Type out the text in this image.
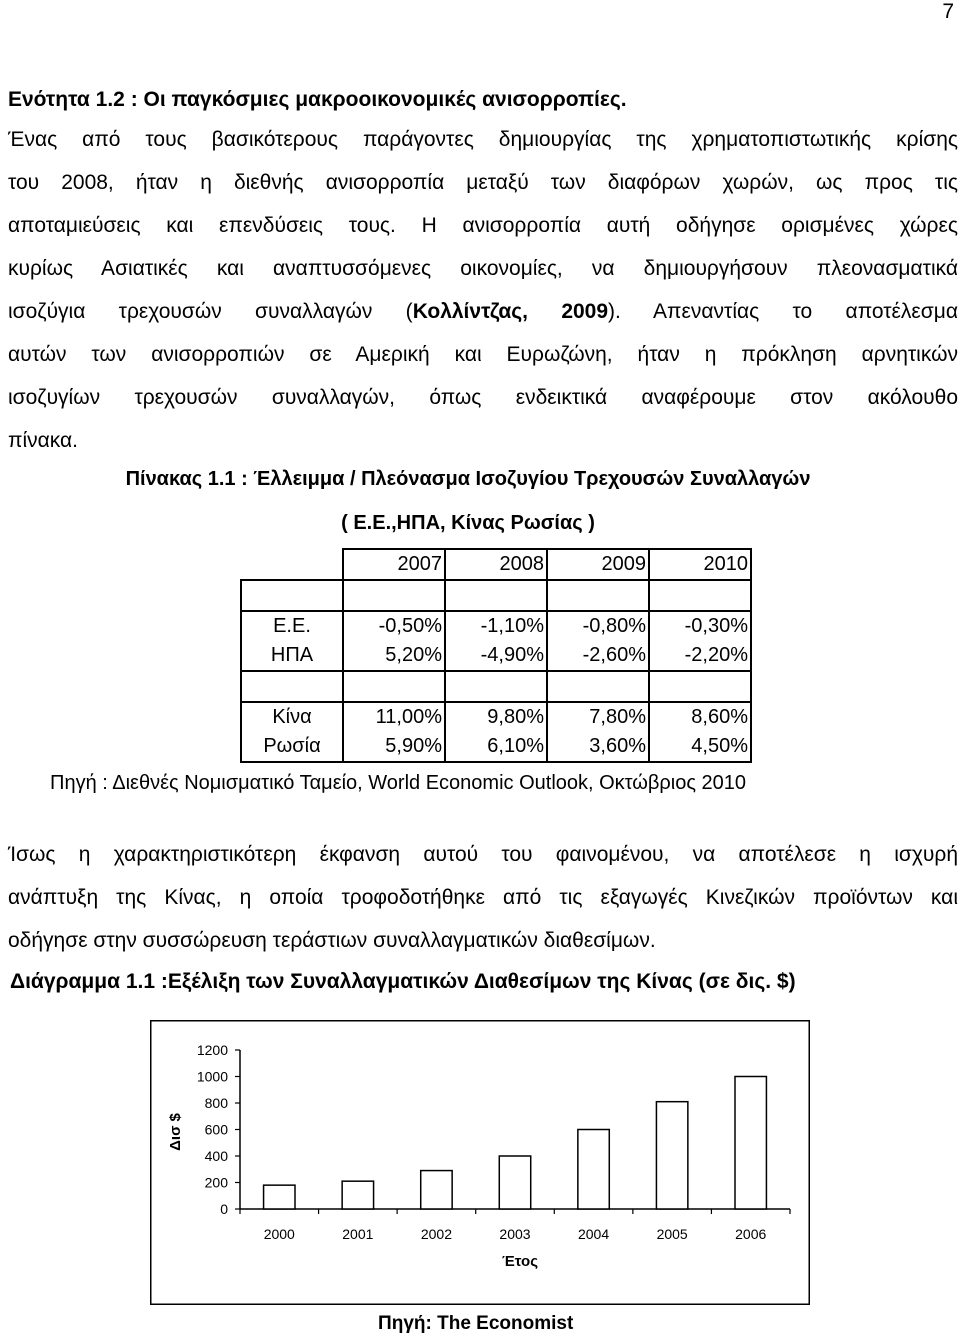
7
Ενότητα 1.2 : Οι παγκόσμιες μακροοικονομικές ανισορροπίες.
Ένας από τους βασικότερους παράγοντες δημιουργίας της χρηματοπιστωτικής κρίσης
του 2008, ήταν η διεθνής ανισορροπία μεταξύ των διαφόρων χωρών, ως προς τις
αποταμιεύσεις και επενδύσεις τους. Η ανισορροπία αυτή οδήγησε ορισμένες χώρες
κυρίως Ασιατικές και αναπτυσσόμενες οικονομίες, να δημιουργήσουν πλεονασματικά
ισοζύγια τρεχουσών συναλλαγών (Κολλίντζας, 2009). Απεναντίας το αποτέλεσμα
αυτών των ανισορροπιών σε Αμερική και Ευρωζώνη, ήταν η πρόκληση αρνητικών
ισοζυγίων τρεχουσών συναλλαγών, όπως ενδεικτικά αναφέρουμε στον ακόλουθο
πίνακα.
Πίνακας 1.1 : Έλλειμμα / Πλεόνασμα Ισοζυγίου Τρεχουσών Συναλλαγών
( Ε.Ε.,ΗΠΑ, Κίνας Ρωσίας )
	2007	2008	2009	2010

Ε.Ε.	-0,50%	-1,10%	-0,80%	-0,30%
ΗΠΑ	5,20%	-4,90%	-2,60%	-2,20%

Κίνα	11,00%	9,80%	7,80%	8,60%
Ρωσία	5,90%	6,10%	3,60%	4,50%
Πηγή : Διεθνές Νομισματικό Ταμείο, World Economic Outlook, Οκτώβριος 2010
Ίσως η χαρακτηριστικότερη έκφανση αυτού του φαινομένου, να αποτέλεσε η ισχυρή
ανάπτυξη της Κίνας, η οποία τροφοδοτήθηκε από τις εξαγωγές Κινεζικών προϊόντων και
οδήγησε στην συσσώρευση τεράστιων συναλλαγματικών διαθεσίμων.
Διάγραμμα 1.1 :Εξέλιξη των Συναλλαγματικών Διαθεσίμων της Κίνας (σε δις. $)
0
200
400
600
800
1000
1200
2000	2001	2002	2003	2004	2005	2006
Δισ $
Έτος
Πηγή: The Economist
